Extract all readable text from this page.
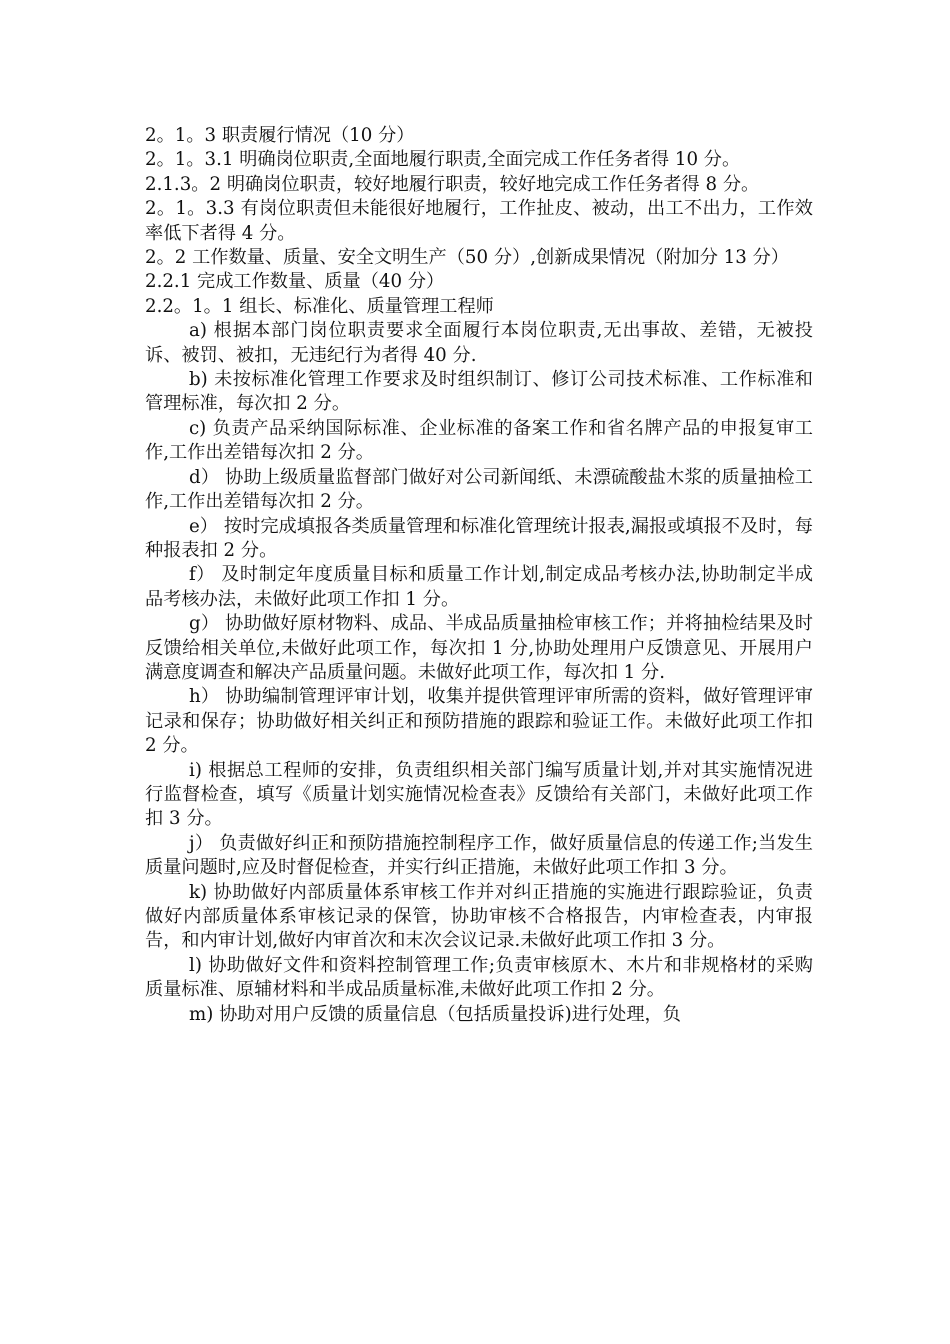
2。1。3 职责履行情况（10 分）

2。1。3.1 明确岗位职责,全面地履行职责,全面完成工作任务者得 10 分。

2.1.3。2 明确岗位职责，较好地履行职责，较好地完成工作任务者得 8 分。

2。1。3.3 有岗位职责但未能很好地履行，工作扯皮、被动，出工不出力，工作效率低下者得 4 分。

2。2 工作数量、质量、安全文明生产（50 分）,创新成果情况（附加分 13 分）

2.2.1 完成工作数量、质量（40 分）

2.2。1。1 组长、标准化、质量管理工程师

a) 根据本部门岗位职责要求全面履行本岗位职责,无出事故、差错，无被投诉、被罚、被扣，无违纪行为者得 40 分.

b) 未按标准化管理工作要求及时组织制订、修订公司技术标准、工作标准和管理标准，每次扣 2 分。

c) 负责产品采纳国际标准、企业标准的备案工作和省名牌产品的申报复审工作,工作出差错每次扣 2 分。

d） 协助上级质量监督部门做好对公司新闻纸、未漂硫酸盐木浆的质量抽检工作,工作出差错每次扣 2 分。

e） 按时完成填报各类质量管理和标准化管理统计报表,漏报或填报不及时，每种报表扣 2 分。

f） 及时制定年度质量目标和质量工作计划,制定成品考核办法,协助制定半成品考核办法，未做好此项工作扣 1 分。

g） 协助做好原材物料、成品、半成品质量抽检审核工作；并将抽检结果及时反馈给相关单位,未做好此项工作，每次扣 1 分,协助处理用户反馈意见、开展用户满意度调查和解决产品质量问题。未做好此项工作，每次扣 1 分.

h） 协助编制管理评审计划，收集并提供管理评审所需的资料，做好管理评审记录和保存；协助做好相关纠正和预防措施的跟踪和验证工作。未做好此项工作扣 2 分。

i) 根据总工程师的安排，负责组织相关部门编写质量计划,并对其实施情况进行监督检查，填写《质量计划实施情况检查表》反馈给有关部门，未做好此项工作扣 3 分。

j） 负责做好纠正和预防措施控制程序工作，做好质量信息的传递工作;当发生质量问题时,应及时督促检查，并实行纠正措施，未做好此项工作扣 3 分。

k) 协助做好内部质量体系审核工作并对纠正措施的实施进行跟踪验证，负责做好内部质量体系审核记录的保管，协助审核不合格报告，内审检查表，内审报告，和内审计划,做好内审首次和末次会议记录.未做好此项工作扣 3 分。

l) 协助做好文件和资料控制管理工作;负责审核原木、木片和非规格材的采购质量标准、原辅材料和半成品质量标准,未做好此项工作扣 2 分。

m) 协助对用户反馈的质量信息（包括质量投诉)进行处理，负
